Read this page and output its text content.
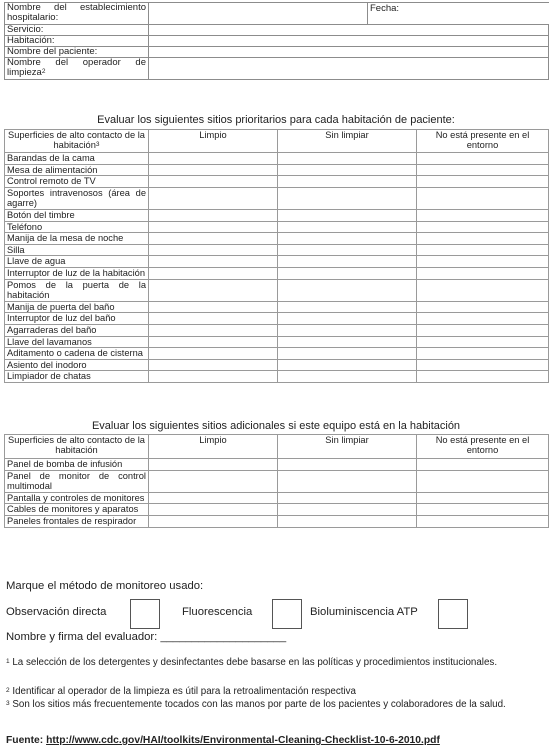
Nombre del establecimiento hospitalario:		Fecha:
Servicio:		
Habitación:		
Nombre del paciente:		
Nombre del operador de limpieza$^2$	
Evaluar los siguientes sitios prioritarios para cada habitación de paciente:
Superficies de alto contacto de la habitación$^3$	Limpio	Sin limpiar	No está presente en el entorno
Barandas de la cama			
Mesa de alimentación			
Control remoto de TV			
Soportes intravenosos (área de agarre)			
Botón del timbre			
Teléfono			
Manija de la mesa de noche			
Silla			
Llave de agua			
Interruptor de luz de la habitación			
Pomos de la puerta de la habitación			
Manija de puerta del baño			
Interruptor de luz del baño			
Agarraderas del baño			
Llave del lavamanos			
Aditamento o cadena de cisterna			
Asiento del inodoro			
Limpiador de chatas			
Evaluar los siguientes sitios adicionales si este equipo está en la habitación
Superficies de alto contacto de la habitación	Limpio	Sin limpiar	No está presente en el entorno
Panel de bomba de infusión			
Panel de monitor de control multimodal			
Pantalla y controles de monitores			
Cables de monitores y aparatos			
Paneles frontales de respirador			
Marque el método de monitoreo usado:
Observación directa	Fluorescencia	Bioluminiscencia ATP
Nombre y firma del evaluador: ____________________
$^1$ La selección de los detergentes y desinfectantes debe basarse en las políticas y procedimientos institucionales.
$^2$ Identificar al operador de la limpieza es útil para la retroalimentación respectiva
$^3$ Son los sitios más frecuentemente tocados con las manos por parte de los pacientes y colaboradores de la salud.
Fuente: http://www.cdc.gov/HAI/toolkits/Environmental-Cleaning-Checklist-10-6-2010.pdf
